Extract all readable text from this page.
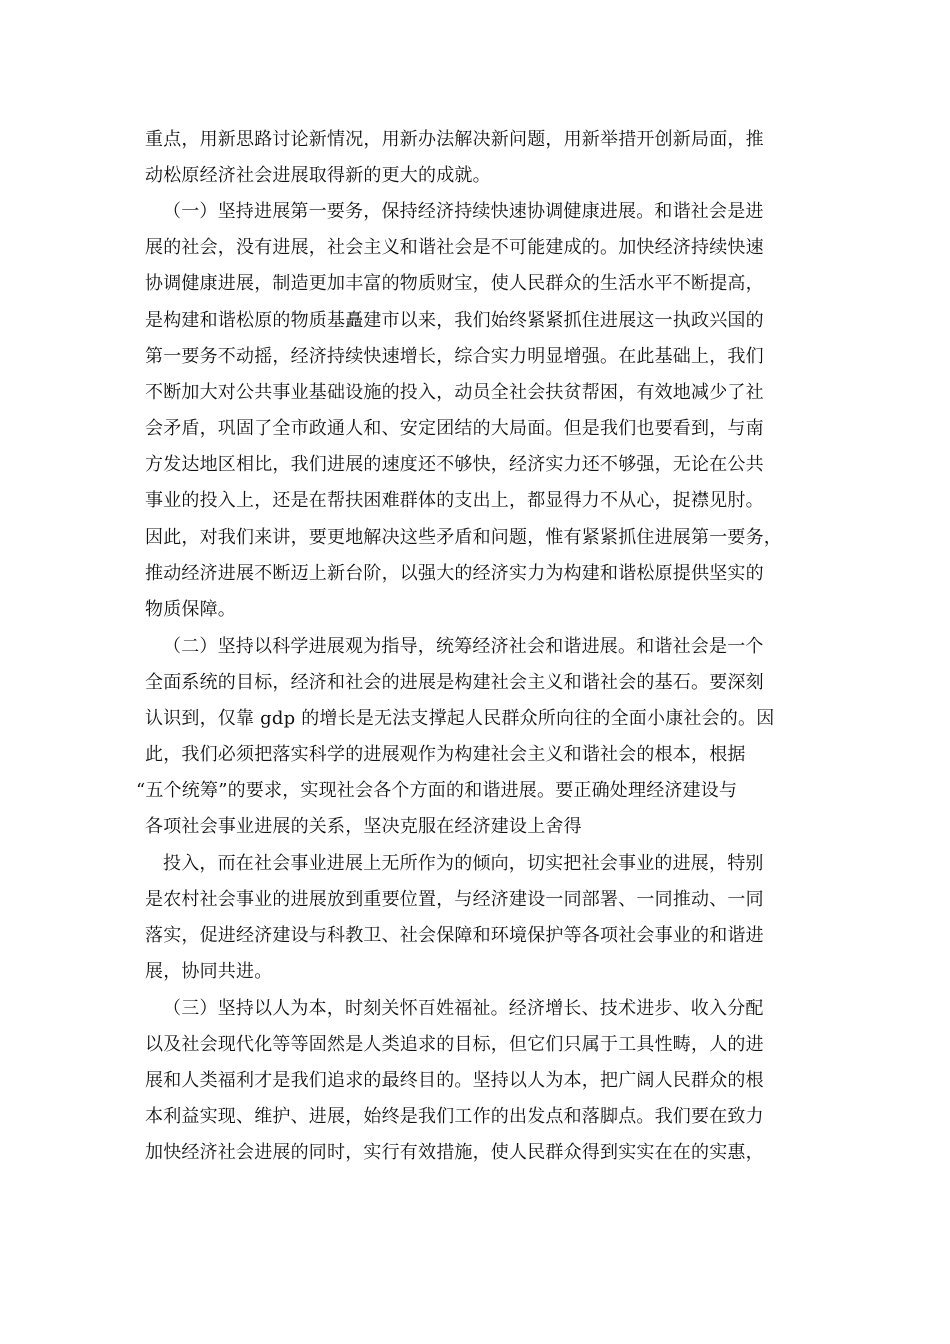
重点，用新思路讨论新情况，用新办法解决新问题，用新举措开创新局面，推
动松原经济社会进展取得新的更大的成就。
（一）坚持进展第一要务，保持经济持续快速协调健康进展。和谐社会是进
展的社会，没有进展，社会主义和谐社会是不可能建成的。加快经济持续快速
协调健康进展，制造更加丰富的物质财宝，使人民群众的生活水平不断提高，
是构建和谐松原的物质基矗建市以来，我们始终紧紧抓住进展这一执政兴国的
第一要务不动摇，经济持续快速增长，综合实力明显增强。在此基础上，我们
不断加大对公共事业基础设施的投入，动员全社会扶贫帮困，有效地减少了社
会矛盾，巩固了全市政通人和、安定团结的大局面。但是我们也要看到，与南
方发达地区相比，我们进展的速度还不够快，经济实力还不够强，无论在公共
事业的投入上，还是在帮扶困难群体的支出上，都显得力不从心，捉襟见肘。
因此，对我们来讲，要更地解决这些矛盾和问题，惟有紧紧抓住进展第一要务，
推动经济进展不断迈上新台阶，以强大的经济实力为构建和谐松原提供坚实的
物质保障。
（二）坚持以科学进展观为指导，统筹经济社会和谐进展。和谐社会是一个
全面系统的目标，经济和社会的进展是构建社会主义和谐社会的基石。要深刻
认识到，仅靠 gdp 的增长是无法支撑起人民群众所向往的全面小康社会的。因
此，我们必须把落实科学的进展观作为构建社会主义和谐社会的根本，根据
“五个统筹”的要求，实现社会各个方面的和谐进展。要正确处理经济建设与
各项社会事业进展的关系，坚决克服在经济建设上舍得
投入，而在社会事业进展上无所作为的倾向，切实把社会事业的进展，特别
是农村社会事业的进展放到重要位置，与经济建设一同部署、一同推动、一同
落实，促进经济建设与科教卫、社会保障和环境保护等各项社会事业的和谐进
展，协同共进。
（三）坚持以人为本，时刻关怀百姓福祉。经济增长、技术进步、收入分配
以及社会现代化等等固然是人类追求的目标，但它们只属于工具性畴，人的进
展和人类福利才是我们追求的最终目的。坚持以人为本，把广阔人民群众的根
本利益实现、维护、进展，始终是我们工作的出发点和落脚点。我们要在致力
加快经济社会进展的同时，实行有效措施，使人民群众得到实实在在的实惠，
